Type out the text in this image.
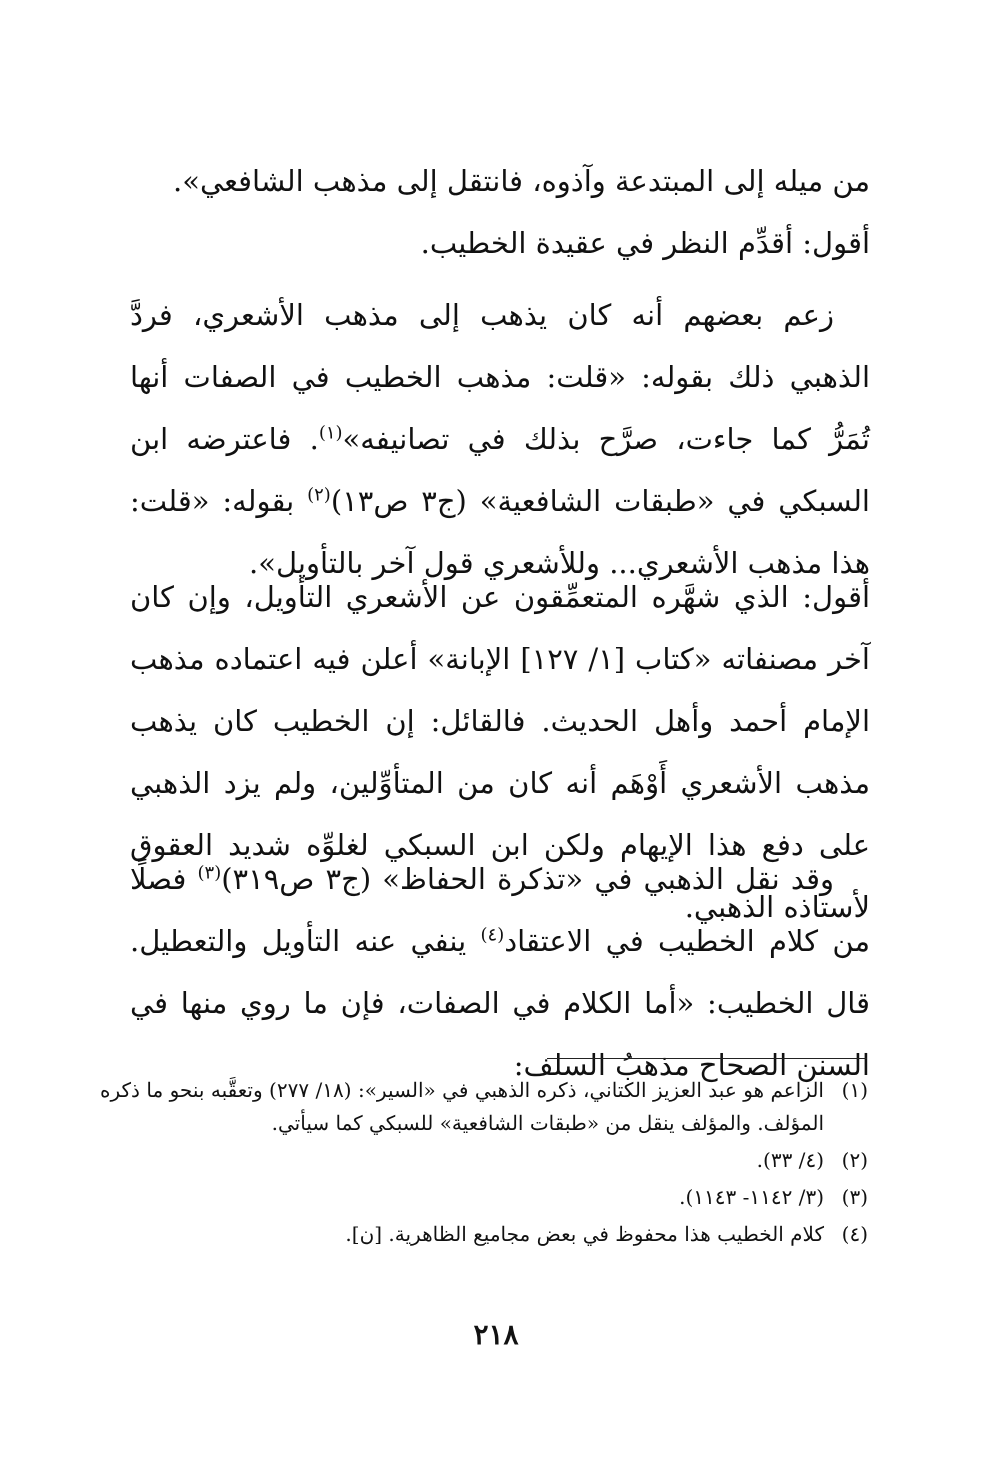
من ميله إلى المبتدعة وآذوه، فانتقل إلى مذهب الشافعي».

أقول: أقدِّم النظر في عقيدة الخطيب.

زعم بعضهم أنه كان يذهب إلى مذهب الأشعري، فردَّ الذهبي ذلك بقوله: «قلت: مذهب الخطيب في الصفات أنها تُمَرُّ كما جاءت، صرَّح بذلك في تصانيفه»$^{(١)}$. فاعترضه ابن السبكي في «طبقات الشافعية» (ج٣ ص١٣)$^{(٢)}$ بقوله: «قلت: هذا مذهب الأشعري... وللأشعري قول آخر بالتأويل».

أقول: الذي شهَّره المتعمِّقون عن الأشعري التأويل، وإن كان آخر مصنفاته «كتاب [١/ ١٢٧] الإبانة» أعلن فيه اعتماده مذهب الإمام أحمد وأهل الحديث. فالقائل: إن الخطيب كان يذهب مذهب الأشعري أَوْهَم أنه كان من المتأوِّلين، ولم يزد الذهبي على دفع هذا الإيهام ولكن ابن السبكي لغلوِّه شديد العقوق لأستاذه الذهبي.

وقد نقل الذهبي في «تذكرة الحفاظ» (ج٣ ص٣١٩)$^{(٣)}$ فصلًا من كلام الخطيب في الاعتقاد$^{(٤)}$ ينفي عنه التأويل والتعطيل. قال الخطيب: «أما الكلام في الصفات، فإن ما روي منها في السنن الصحاح مذهبُ السلف:

(١)
الزاعم هو عبد العزيز الكتاني، ذكره الذهبي في «السير»: (١٨/ ٢٧٧) وتعقَّبه بنحو ما ذكره المؤلف. والمؤلف ينقل من «طبقات الشافعية» للسبكي كما سيأتي.

(٢)
(٤/ ٣٣).

(٣)
(٣/ ١١٤٢- ١١٤٣).

(٤)
كلام الخطيب هذا محفوظ في بعض مجاميع الظاهرية. [ن].

٢١٨
